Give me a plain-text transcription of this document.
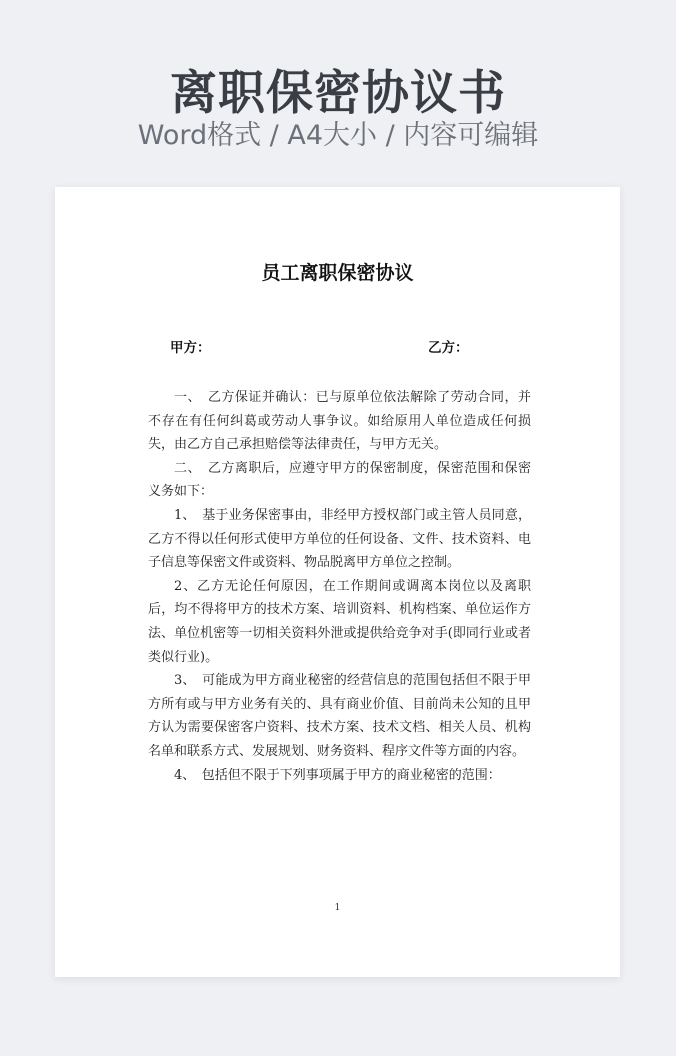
离职保密协议书
Word格式 / A4大小 / 内容可编辑
员工离职保密协议
甲方：	乙方：

一、　乙方保证并确认：已与原单位依法解除了劳动合同，并不存在有任何纠葛或劳动人事争议。如给原用人单位造成任何损失，由乙方自己承担赔偿等法律责任，与甲方无关。

二、　乙方离职后，应遵守甲方的保密制度，保密范围和保密义务如下：

1、　基于业务保密事由，非经甲方授权部门或主管人员同意，乙方不得以任何形式使甲方单位的任何设备、文件、技术资料、电子信息等保密文件或资料、物品脱离甲方单位之控制。

2、乙方无论任何原因，在工作期间或调离本岗位以及离职后，均不得将甲方的技术方案、培训资料、机构档案、单位运作方法、单位机密等一切相关资料外泄或提供给竞争对手(即同行业或者类似行业)。

3、　可能成为甲方商业秘密的经营信息的范围包括但不限于甲方所有或与甲方业务有关的、具有商业价值、目前尚未公知的且甲方认为需要保密客户资料、技术方案、技术文档、相关人员、机构名单和联系方式、发展规划、财务资料、程序文件等方面的内容。

4、　包括但不限于下列事项属于甲方的商业秘密的范围：

1
